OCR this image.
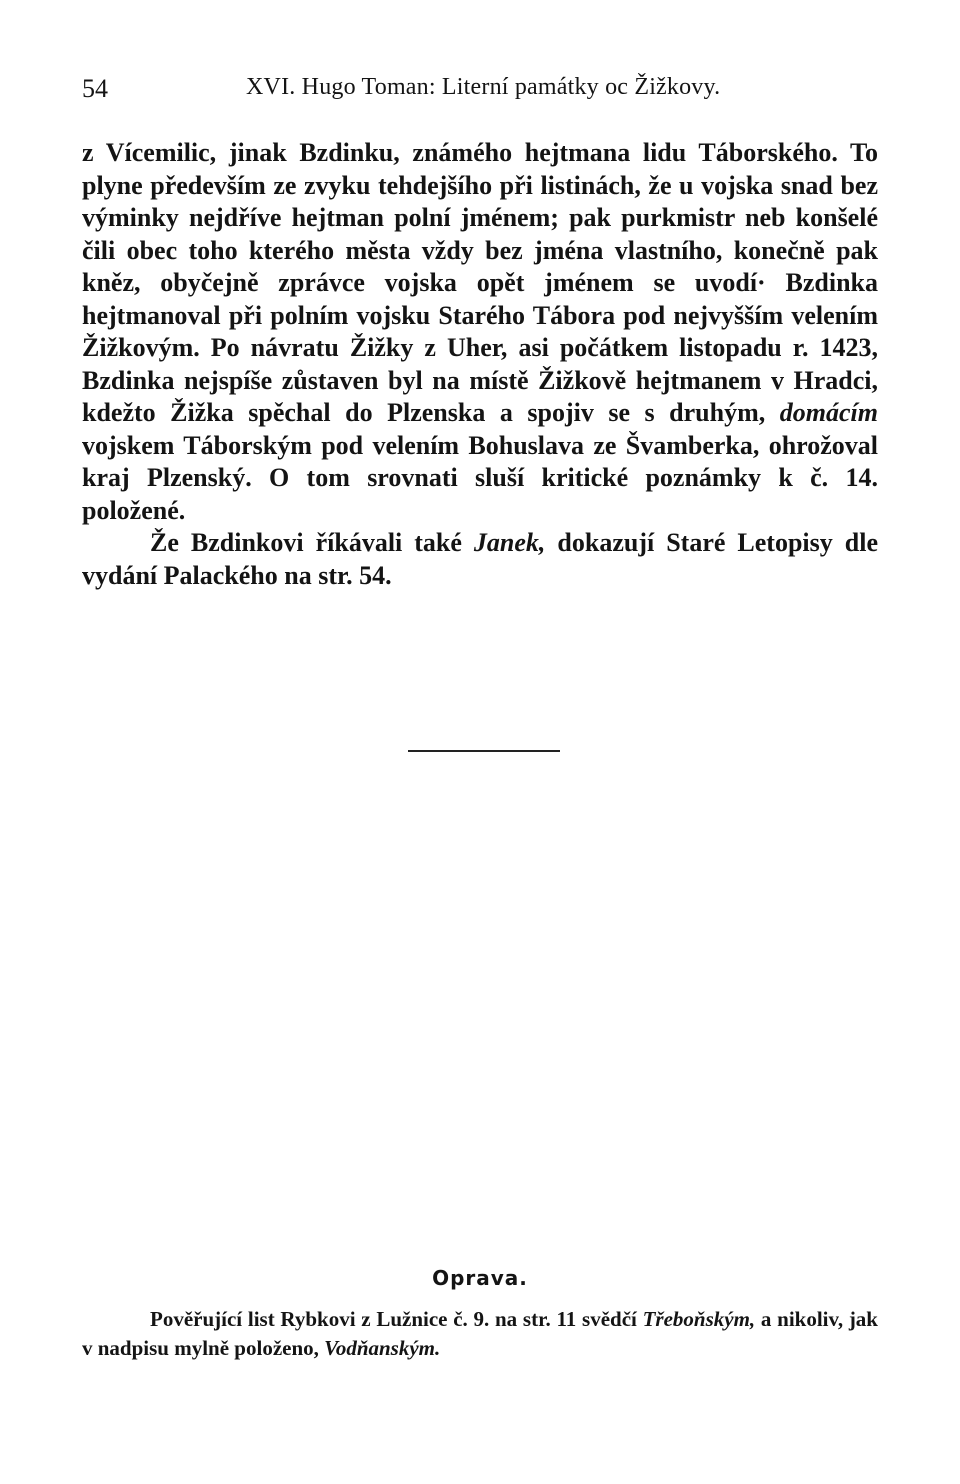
54	XVI. Hugo Toman: Literní památky oc Žižkovy.

z Vícemilic, jinak Bzdinku, známého hejtmana lidu Táborského. To plyne především ze zvyku tehdejšího při listinách, že u vojska snad bez výminky nejdříve hejtman polní jménem; pak purkmistr neb konšelé čili obec toho kterého města vždy bez jména vlastního, konečně pak kněz, obyčejně zprávce vojska opět jménem se uvodí· Bzdinka hejtmanoval při polním vojsku Starého Tábora pod nejvyšším velením Žižkovým. Po návratu Žižky z Uher, asi počátkem listopadu r. 1423, Bzdinka nejspíše zůstaven byl na místě Žižkově hejtmanem v Hradci, kdežto Žižka spěchal do Plzenska a spojiv se s druhým, domácím vojskem Táborským pod velením Bohuslava ze Švamberka, ohrožoval kraj Plzenský. O tom srovnati sluší kritické poznámky k č. 14. položené.

Že Bzdinkovi říkávali také Janek, dokazují Staré Letopisy dle vydání Palackého na str. 54.

Oprava.
Pověřující list Rybkovi z Lužnice č. 9. na str. 11 svědčí Třeboňským, a nikoliv, jak v nadpisu mylně položeno, Vodňanským.
